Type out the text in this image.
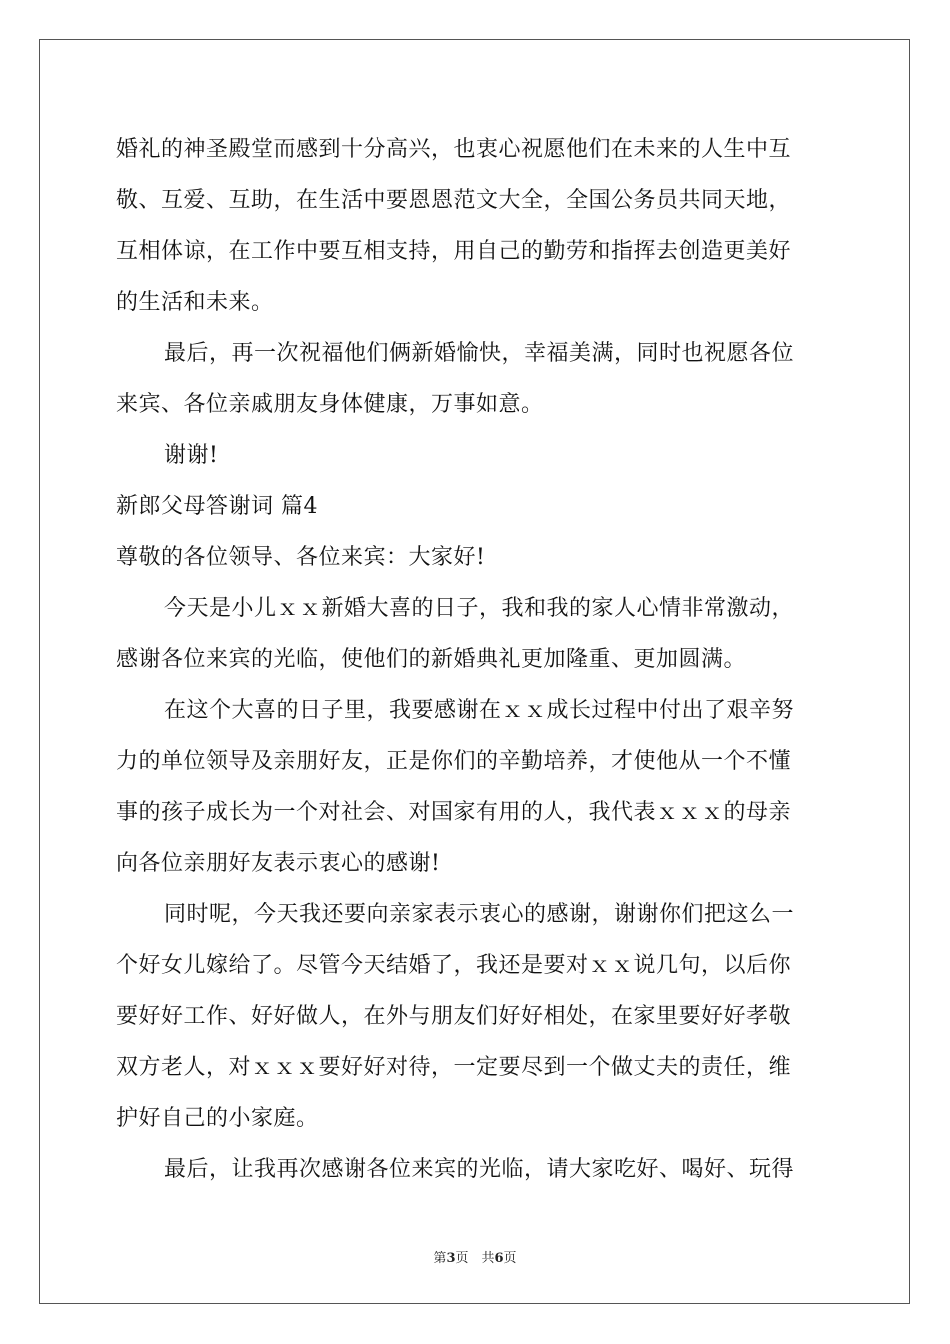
婚礼的神圣殿堂而感到十分高兴，也衷心祝愿他们在未来的人生中互
敬、互爱、互助，在生活中要恩恩范文大全，全国公务员共同天地，
互相体谅，在工作中要互相支持，用自己的勤劳和指挥去创造更美好
的生活和未来。
最后，再一次祝福他们俩新婚愉快，幸福美满，同时也祝愿各位
来宾、各位亲戚朋友身体健康，万事如意。
谢谢!
新郎父母答谢词 篇4
尊敬的各位领导、各位来宾：大家好!
今天是小儿ｘｘ新婚大喜的日子，我和我的家人心情非常激动，
感谢各位来宾的光临，使他们的新婚典礼更加隆重、更加圆满。
在这个大喜的日子里，我要感谢在ｘｘ成长过程中付出了艰辛努
力的单位领导及亲朋好友，正是你们的辛勤培养，才使他从一个不懂
事的孩子成长为一个对社会、对国家有用的人，我代表ｘｘｘ的母亲
向各位亲朋好友表示衷心的感谢!
同时呢，今天我还要向亲家表示衷心的感谢，谢谢你们把这么一
个好女儿嫁给了。尽管今天结婚了，我还是要对ｘｘ说几句，以后你
要好好工作、好好做人，在外与朋友们好好相处，在家里要好好孝敬
双方老人，对ｘｘｘ要好好对待，一定要尽到一个做丈夫的责任，维
护好自己的小家庭。
最后，让我再次感谢各位来宾的光临，请大家吃好、喝好、玩得
第3页　共6页
